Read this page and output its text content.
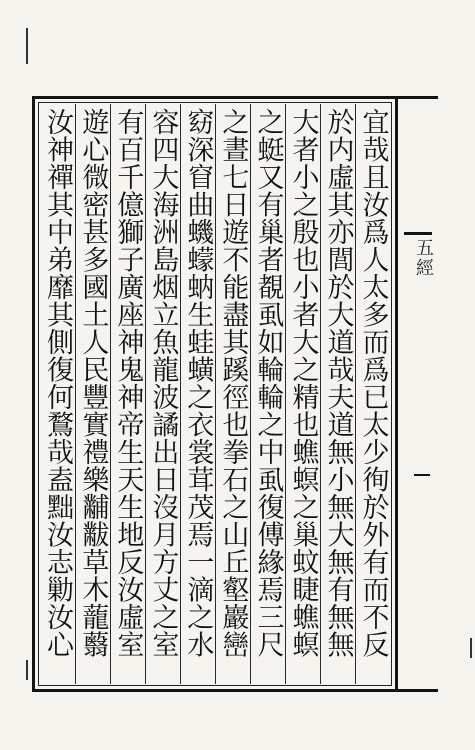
五經
宜哉且汝爲人太多而爲已太少徇於外有而不反
於内虛其亦閭於大道哉夫道無小無大無有無無
大者小之殷也小者大之精也蟭螟之巢蚊睫蟭螟
之蜓又有巢者覩虱如輪輪之中虱復傅緣焉三尺
之晝七日遊不能盡其蹊徑也拳石之山丘壑巖巒
窈深窅曲蟣蠓蚋生蛙蟥之衣裳茸茂焉一滴之水
容四大海洲島烟立魚龍波譎出日沒月方丈之室
有百千億獅子廣座神鬼神帝生天生地反汝虛室
遊心微密甚多國土人民豐實禮樂黼黻草木蘢蘙
汝神禪其中弟靡其側復何鶩哉盍黜汝志勦汝心
